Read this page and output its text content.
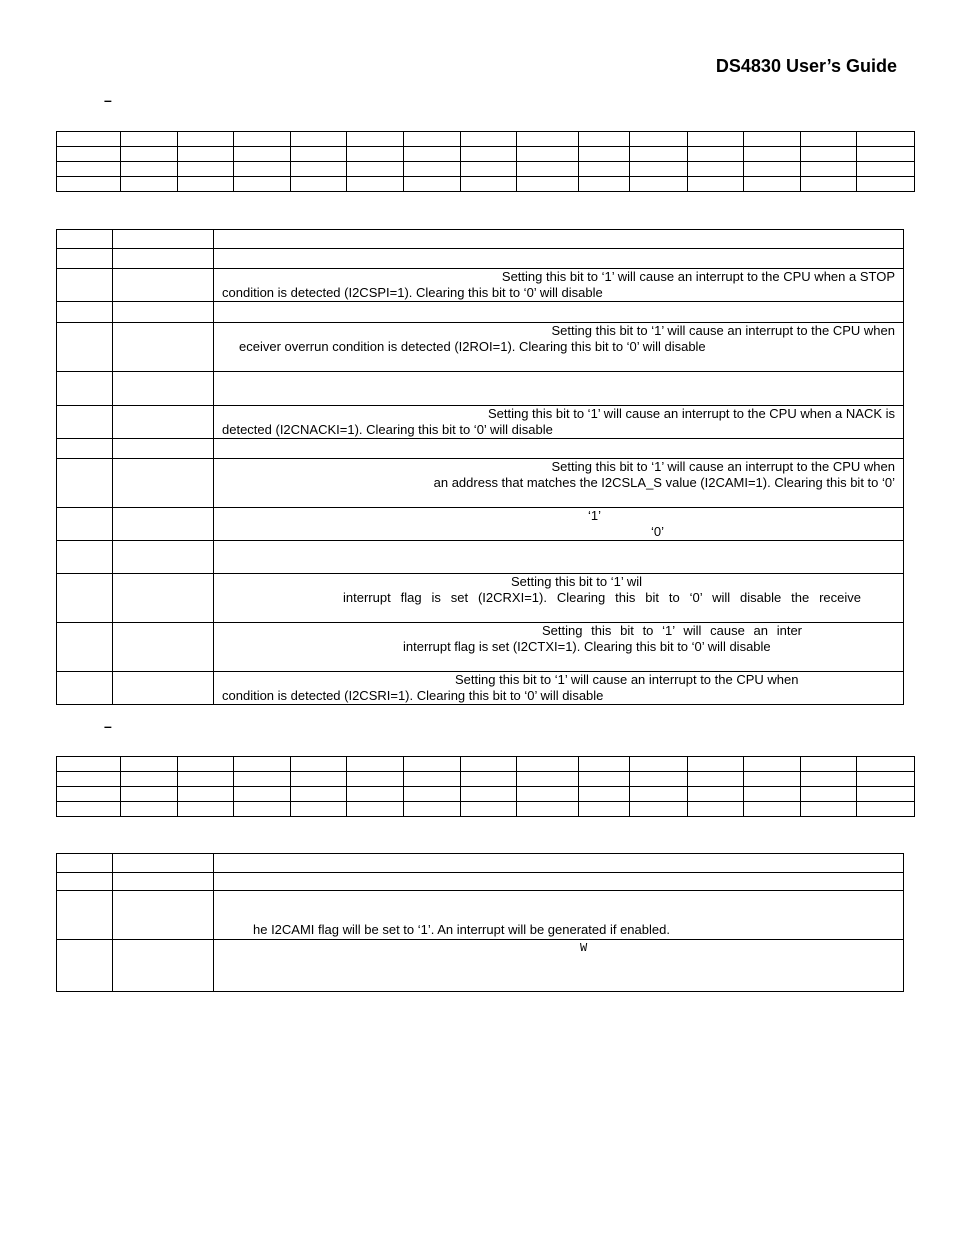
DS4830 User’s Guide
–

		Setting this bit to ‘1’ will cause an interrupt to the CPU when a STOP
condition is detected (I2CSPI=1). Clearing this bit to ‘0’ will disable

		Setting this bit to ‘1’ will cause an interrupt to the CPU when
eceiver overrun condition is detected (I2ROI=1). Clearing this bit to ‘0’ will disable

		Setting this bit to ‘1’ will cause an interrupt to the CPU when a NACK is
detected (I2CNACKI=1). Clearing this bit to ‘0’ will disable

		Setting this bit to ‘1’ will cause an interrupt to the CPU when
an address that matches the I2CSLA_S value (I2CAMI=1). Clearing this bit to ‘0’

		‘1’
‘0’

		Setting this bit to ‘1’ wil
interrupt flag is set (I2CRXI=1). Clearing this bit to ‘0’ will disable the receive

		Setting this bit to ‘1’ will cause an inter
interrupt flag is set (I2CTXI=1). Clearing this bit to ‘0’ will disable

		Setting this bit to ‘1’ will cause an interrupt to the CPU when
condition is detected (I2CSRI=1). Clearing this bit to ‘0’ will disable
–

		he I2CAMI flag will be set to ‘1’. An interrupt will be generated if enabled.

		W
